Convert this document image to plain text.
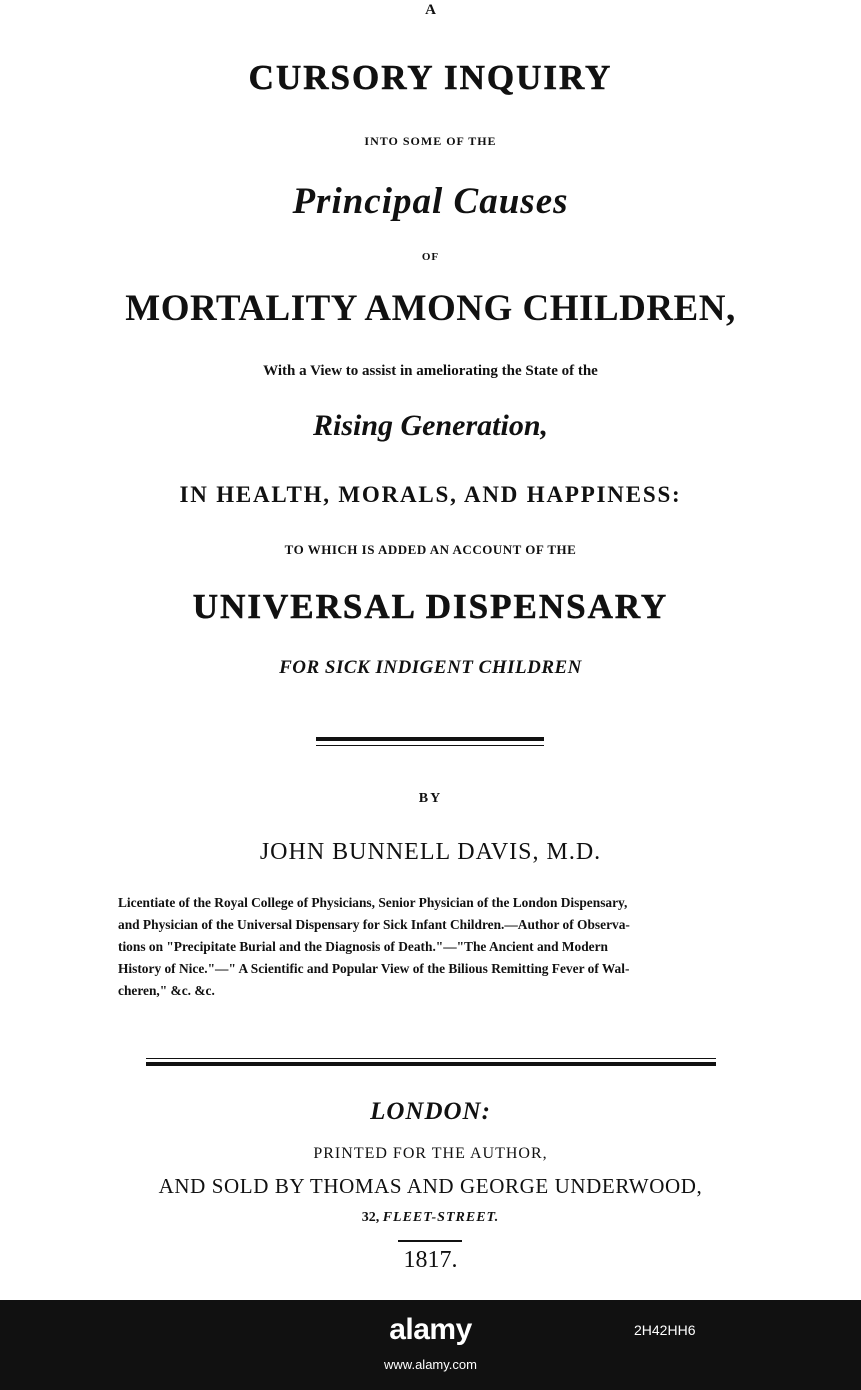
A
CURSORY INQUIRY
INTO SOME OF THE
Principal Causes
OF
MORTALITY AMONG CHILDREN,
With a View to assist in ameliorating the State of the
Rising Generation,
IN HEALTH, MORALS, AND HAPPINESS:
TO WHICH IS ADDED AN ACCOUNT OF THE
UNIVERSAL DISPENSARY
FOR SICK INDIGENT CHILDREN
BY
JOHN BUNNELL DAVIS, M.D.
Licentiate of the Royal College of Physicians, Senior Physician of the London Dispensary,
and Physician of the Universal Dispensary for Sick Infant Children.—Author of Observa-
tions on "Precipitate Burial and the Diagnosis of Death."—"The Ancient and Modern
History of Nice."—" A Scientific and Popular View of the Bilious Remitting Fever of Wal-
cheren," &c. &c.
LONDON:
PRINTED FOR THE AUTHOR,
AND SOLD BY THOMAS AND GEORGE UNDERWOOD,
32, FLEET-STREET.
1817.
alamy	2H42HH6
www.alamy.com
